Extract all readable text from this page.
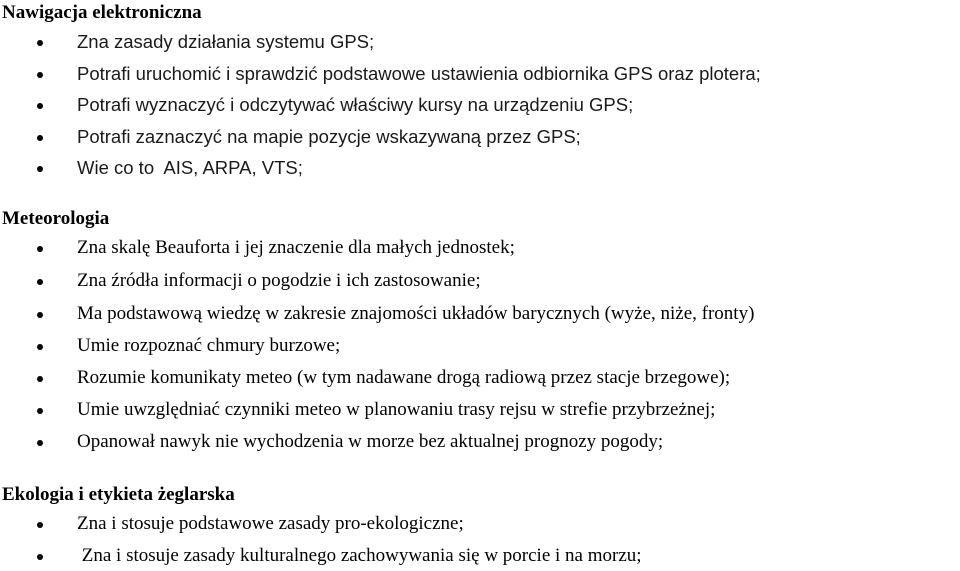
Nawigacja elektroniczna
Zna zasady działania systemu GPS;
Potrafi uruchomić i sprawdzić podstawowe ustawienia odbiornika GPS oraz plotera;
Potrafi wyznaczyć i odczytywać właściwy kursy na urządzeniu GPS;
Potrafi zaznaczyć na mapie pozycje wskazywaną przez GPS;
Wie co to  AIS, ARPA, VTS;
Meteorologia
Zna skalę Beauforta i jej znaczenie dla małych jednostek;
Zna źródła informacji o pogodzie i ich zastosowanie;
Ma podstawową wiedzę w zakresie znajomości układów barycznych (wyże, niże, fronty)
Umie rozpoznać chmury burzowe;
Rozumie komunikaty meteo (w tym nadawane drogą radiową przez stacje brzegowe);
Umie uwzględniać czynniki meteo w planowaniu trasy rejsu w strefie przybrzeżnej;
Opanował nawyk nie wychodzenia w morze bez aktualnej prognozy pogody;
Ekologia i etykieta żeglarska
Zna i stosuje podstawowe zasady pro-ekologiczne;
Zna i stosuje zasady kulturalnego zachowywania się w porcie i na morzu;
